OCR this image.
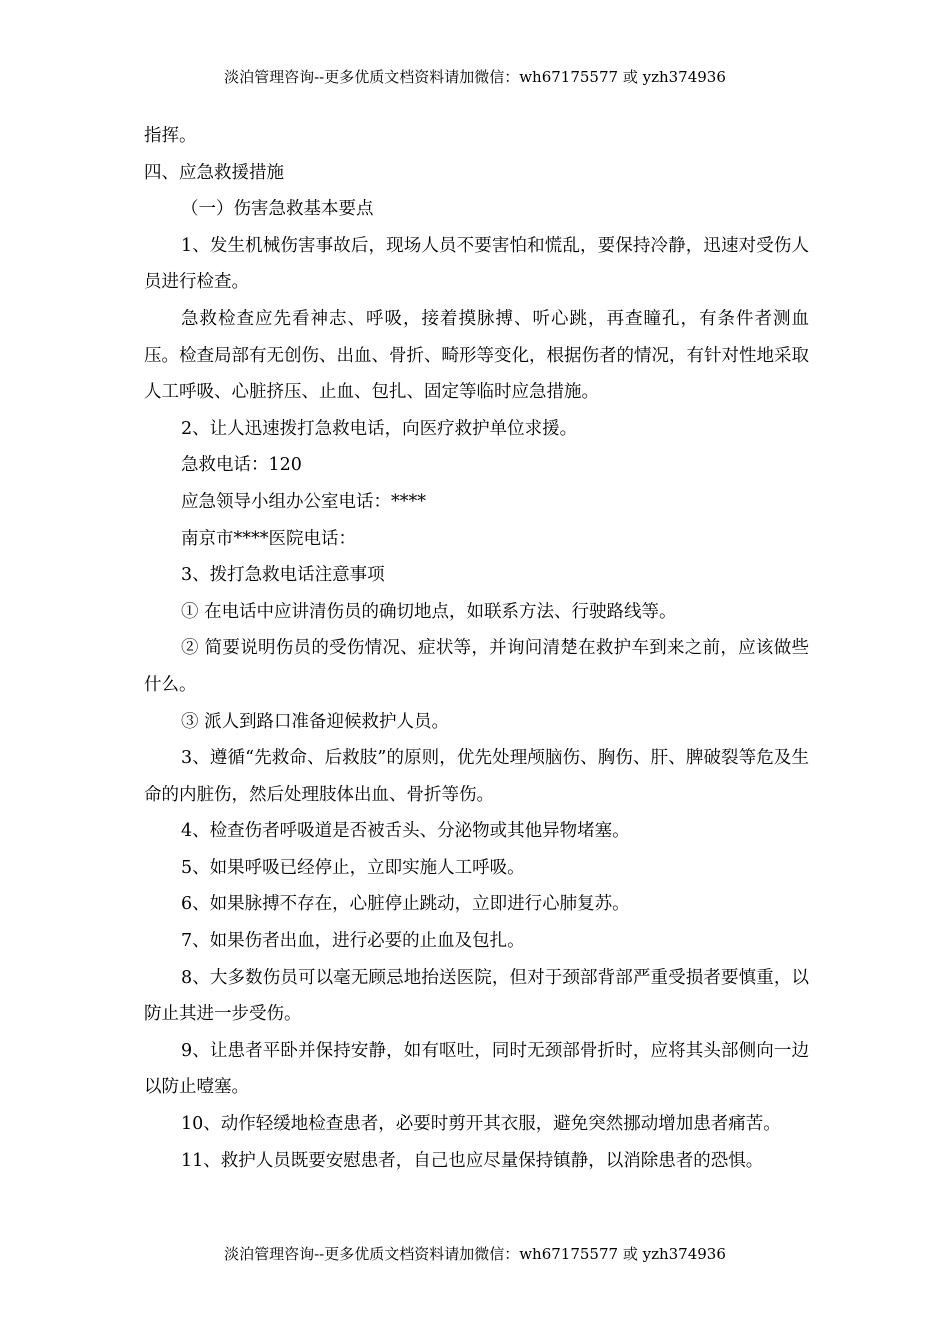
淡泊管理咨询--更多优质文档资料请加微信：wh67175577 或 yzh374936

指挥。

四、应急救援措施

（一）伤害急救基本要点

1、发生机械伤害事故后，现场人员不要害怕和慌乱，要保持冷静，迅速对受伤人员进行检查。

急救检查应先看神志、呼吸，接着摸脉搏、听心跳，再查瞳孔，有条件者测血压。检查局部有无创伤、出血、骨折、畸形等变化，根据伤者的情况，有针对性地采取人工呼吸、心脏挤压、止血、包扎、固定等临时应急措施。

2、让人迅速拨打急救电话，向医疗救护单位求援。

急救电话：120

应急领导小组办公室电话：****

南京市****医院电话：

3、拨打急救电话注意事项

① 在电话中应讲清伤员的确切地点，如联系方法、行驶路线等。

② 简要说明伤员的受伤情况、症状等，并询问清楚在救护车到来之前，应该做些什么。

③ 派人到路口准备迎候救护人员。

3、遵循“先救命、后救肢”的原则，优先处理颅脑伤、胸伤、肝、脾破裂等危及生命的内脏伤，然后处理肢体出血、骨折等伤。

4、检查伤者呼吸道是否被舌头、分泌物或其他异物堵塞。

5、如果呼吸已经停止，立即实施人工呼吸。

6、如果脉搏不存在，心脏停止跳动，立即进行心肺复苏。

7、如果伤者出血，进行必要的止血及包扎。

8、大多数伤员可以毫无顾忌地抬送医院，但对于颈部背部严重受损者要慎重，以防止其进一步受伤。

9、让患者平卧并保持安静，如有呕吐，同时无颈部骨折时，应将其头部侧向一边以防止噎塞。

10、动作轻缓地检查患者，必要时剪开其衣服，避免突然挪动增加患者痛苦。

11、救护人员既要安慰患者，自己也应尽量保持镇静，以消除患者的恐惧。

淡泊管理咨询--更多优质文档资料请加微信：wh67175577 或 yzh374936
